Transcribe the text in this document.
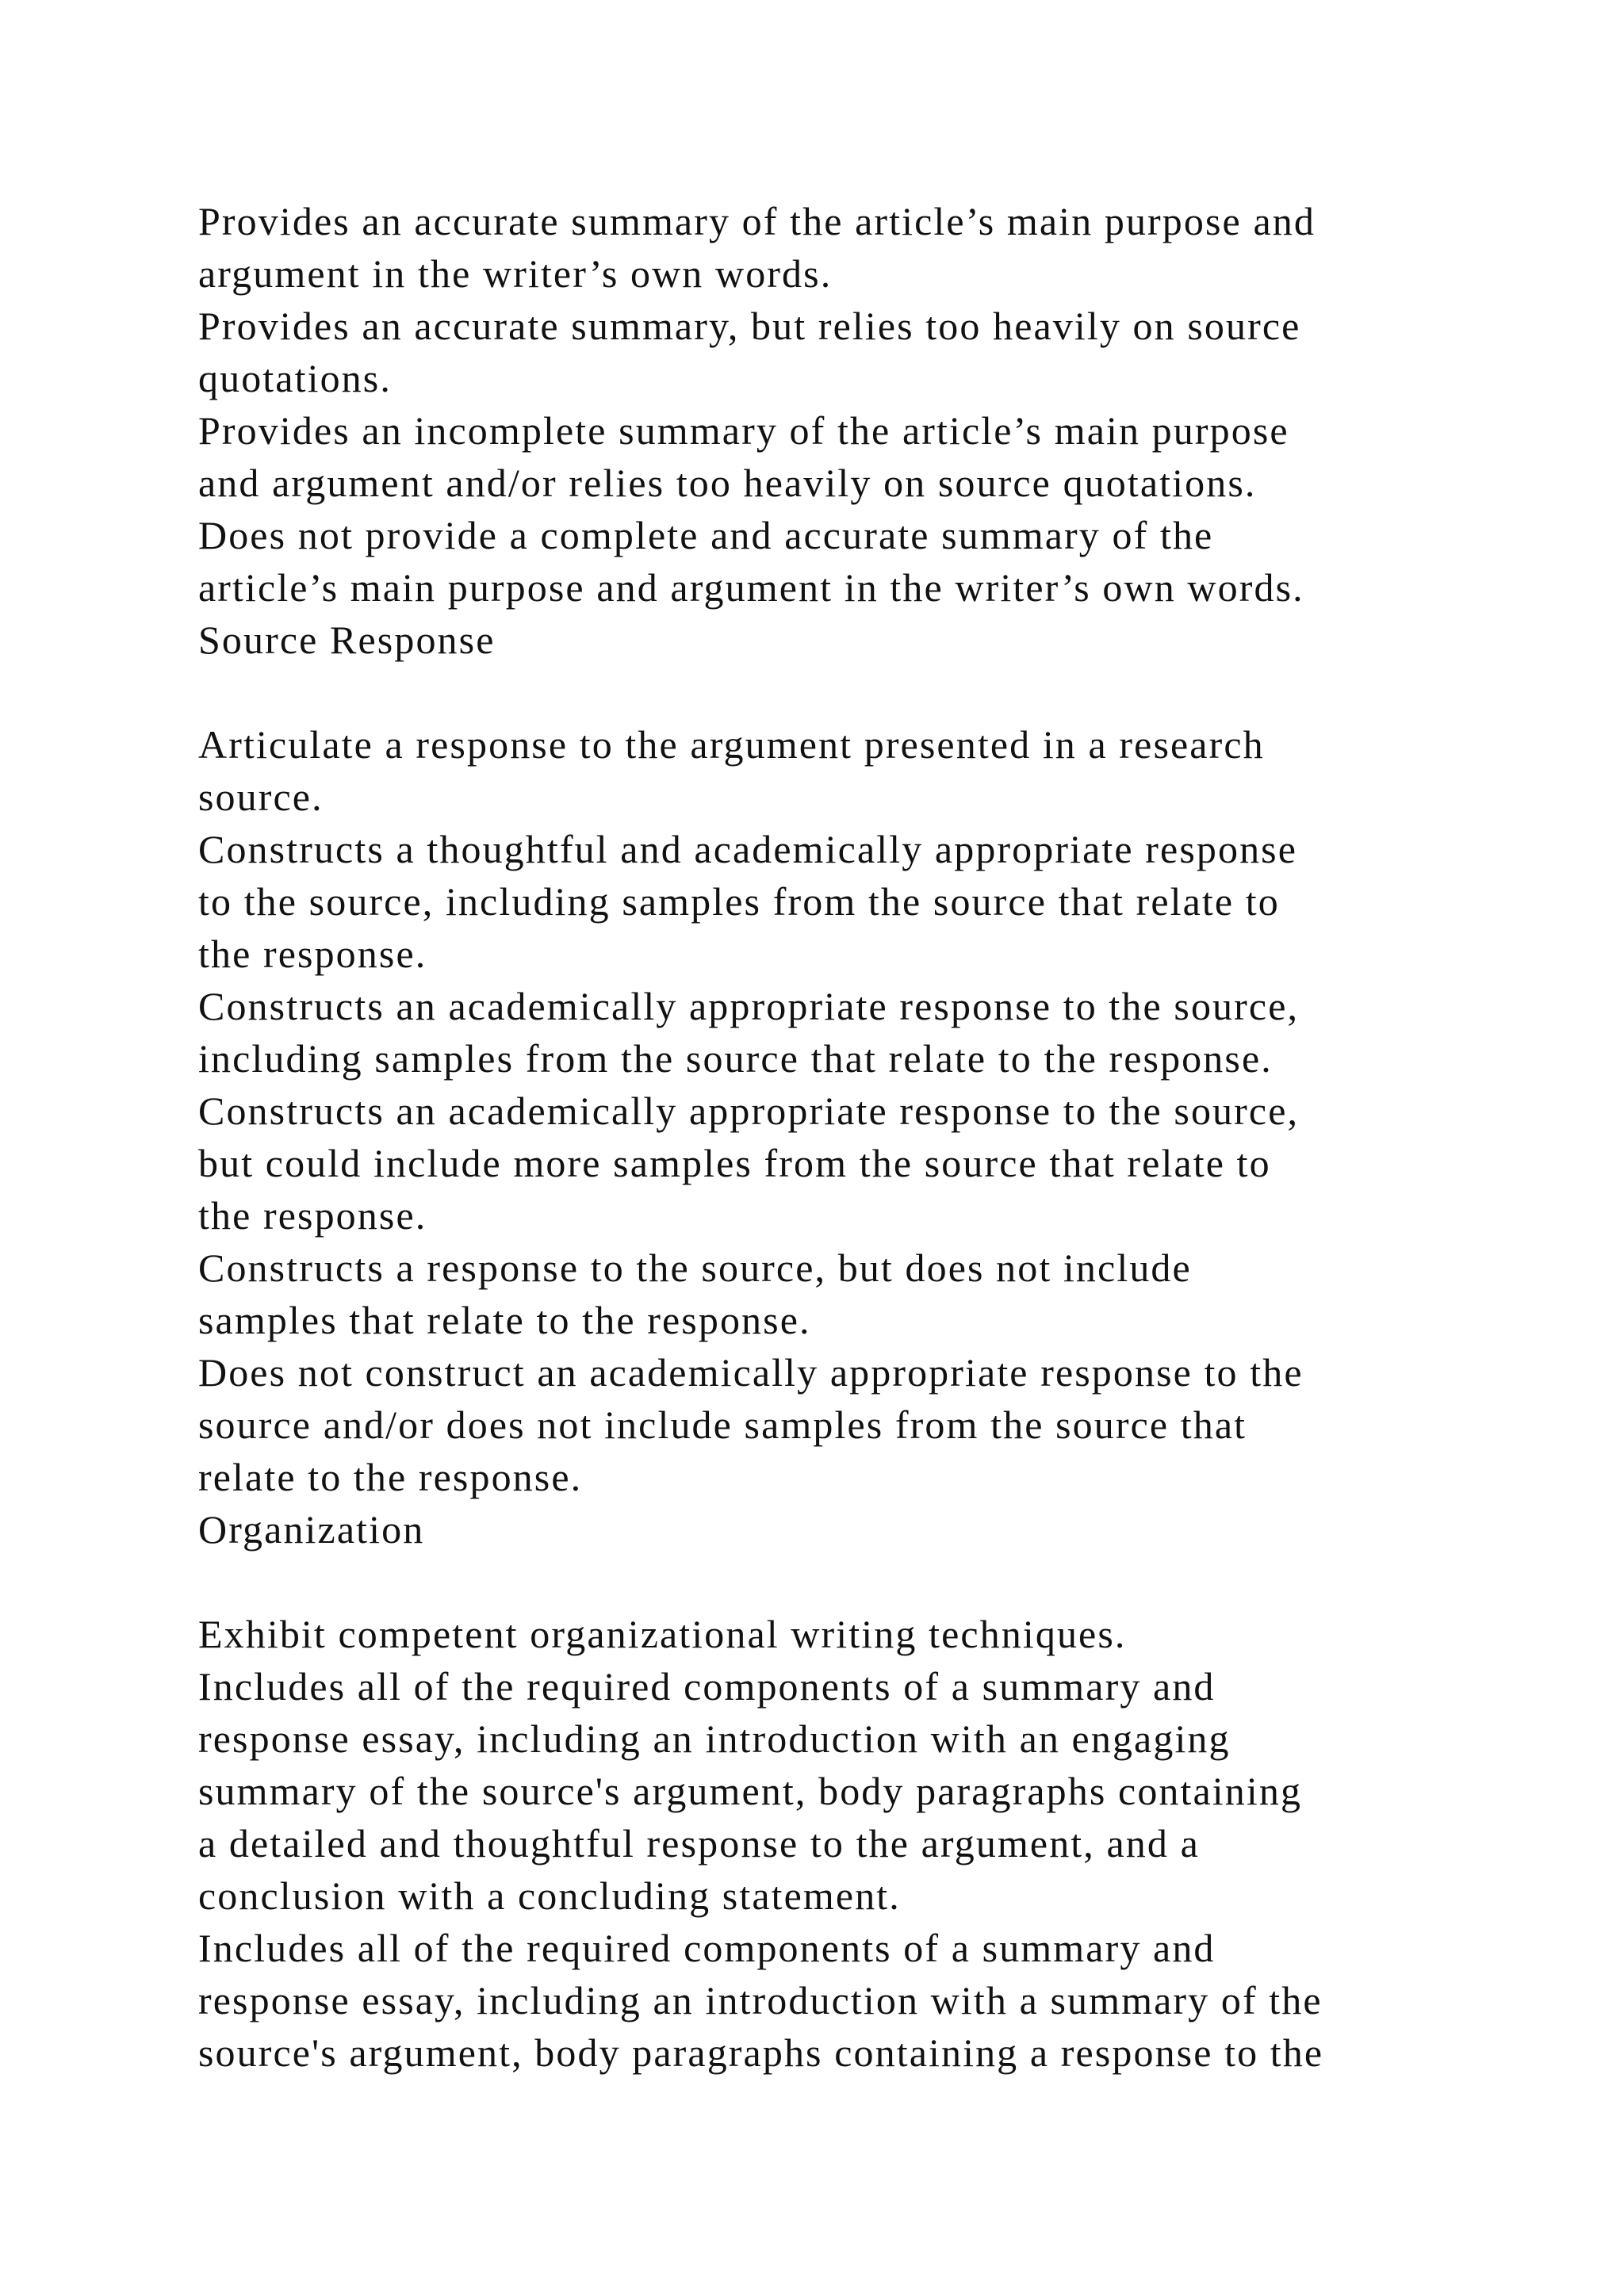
Provides an accurate summary of the article’s main purpose and
argument in the writer’s own words.
Provides an accurate summary, but relies too heavily on source
quotations.
Provides an incomplete summary of the article’s main purpose
and argument and/or relies too heavily on source quotations.
Does not provide a complete and accurate summary of the
article’s main purpose and argument in the writer’s own words.
Source Response
Articulate a response to the argument presented in a research
source.
Constructs a thoughtful and academically appropriate response
to the source, including samples from the source that relate to
the response.
Constructs an academically appropriate response to the source,
including samples from the source that relate to the response.
Constructs an academically appropriate response to the source,
but could include more samples from the source that relate to
the response.
Constructs a response to the source, but does not include
samples that relate to the response.
Does not construct an academically appropriate response to the
source and/or does not include samples from the source that
relate to the response.
Organization
Exhibit competent organizational writing techniques.
Includes all of the required components of a summary and
response essay, including an introduction with an engaging
summary of the source's argument, body paragraphs containing
a detailed and thoughtful response to the argument, and a
conclusion with a concluding statement.
Includes all of the required components of a summary and
response essay, including an introduction with a summary of the
source's argument, body paragraphs containing a response to the
